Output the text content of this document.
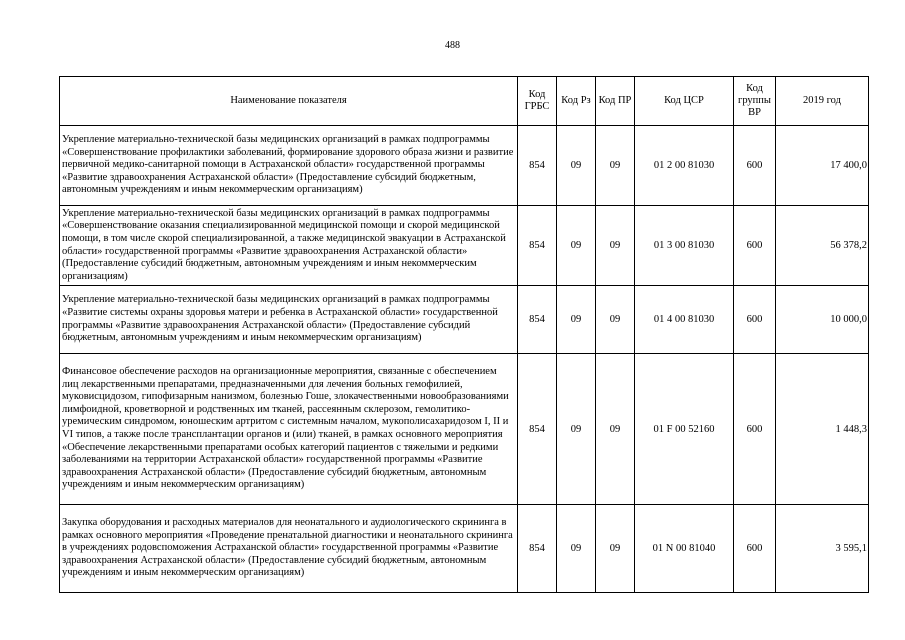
488
Наименование показателя	Код ГРБС	Код Рз	Код ПР	Код ЦСР	Код группы ВР	2019 год
Укрепление материально-технической базы медицинских организаций в рамках подпрограммы «Совершенствование профилактики заболеваний, формирование здорового образа жизни и развитие первичной медико-санитарной помощи в Астраханской области» государственной программы «Развитие здравоохранения Астраханской области» (Предоставление субсидий бюджетным, автономным учреждениям и иным некоммерческим организациям)	854	09	09	01 2 00 81030	600	17 400,0
Укрепление материально-технической базы медицинских организаций в рамках подпрограммы «Совершенствование оказания специализированной медицинской помощи и скорой медицинской помощи, в том числе скорой специализированной, а также медицинской эвакуации в Астраханской области» государственной программы «Развитие здравоохранения Астраханской области» (Предоставление субсидий бюджетным, автономным учреждениям и иным некоммерческим организациям)	854	09	09	01 3 00 81030	600	56 378,2
Укрепление материально-технической базы медицинских организаций в рамках подпрограммы «Развитие системы охраны здоровья матери и ребенка в Астраханской области» государственной программы «Развитие здравоохранения Астраханской области» (Предоставление субсидий бюджетным, автономным учреждениям и иным некоммерческим организациям)	854	09	09	01 4 00 81030	600	10 000,0
Финансовое обеспечение расходов на организационные мероприятия, связанные с обеспечением лиц лекарственными препаратами, предназначенными для лечения больных гемофилией, муковисцидозом, гипофизарным нанизмом, болезнью Гоше, злокачественными новообразованиями лимфоидной, кроветворной и родственных им тканей, рассеянным склерозом, гемолитико-уремическим синдромом, юношеским артритом с системным началом, мукополисахаридозом I, II и VI типов, а также после трансплантации органов и (или) тканей, в рамках основного мероприятия «Обеспечение лекарственными препаратами особых категорий пациентов с тяжелыми и редкими заболеваниями на территории Астраханской области» государственной программы «Развитие здравоохранения Астраханской области» (Предоставление субсидий бюджетным, автономным учреждениям и иным некоммерческим организациям)	854	09	09	01 F 00 52160	600	1 448,3
Закупка оборудования и расходных материалов для неонатального и аудиологического скрининга в рамках основного мероприятия «Проведение пренатальной диагностики и неонатального скрининга в учреждениях родовспоможения Астраханской области» государственной программы «Развитие здравоохранения Астраханской области» (Предоставление субсидий бюджетным, автономным учреждениям и иным некоммерческим организациям)	854	09	09	01 N 00 81040	600	3 595,1
